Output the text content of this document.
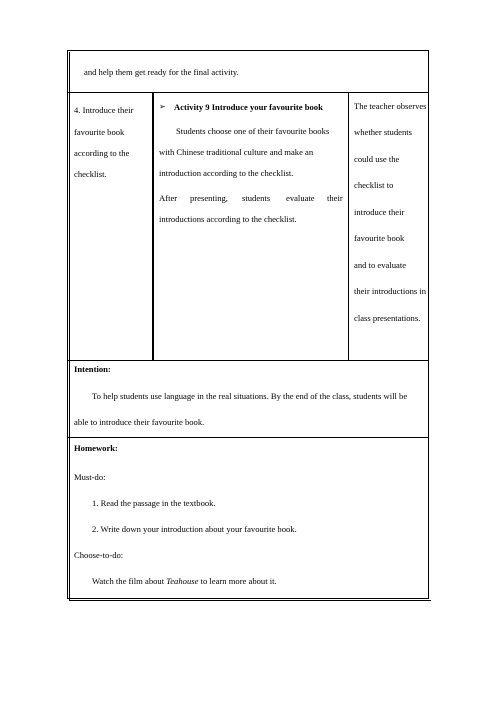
and help them get ready for the final activity.
4. Introduce their
favourite book
according to the
checklist.
➢ Activity 9 Introduce your favourite book
Students choose one of their favourite books
with Chinese traditional culture and make an
introduction according to the checklist.
After presenting, students evaluate their
introductions according to the checklist.
The teacher observes
whether students
could use the
checklist to
introduce their
favourite book
and to evaluate
their introductions in
class presentations.
Intention:
To help students use language in the real situations. By the end of the class, students will be
able to introduce their favourite book.
Homework:
Must-do:
1. Read the passage in the textbook.
2. Write down your introduction about your favourite book.
Choose-to-do:
Watch the film about Teahouse to learn more about it.
